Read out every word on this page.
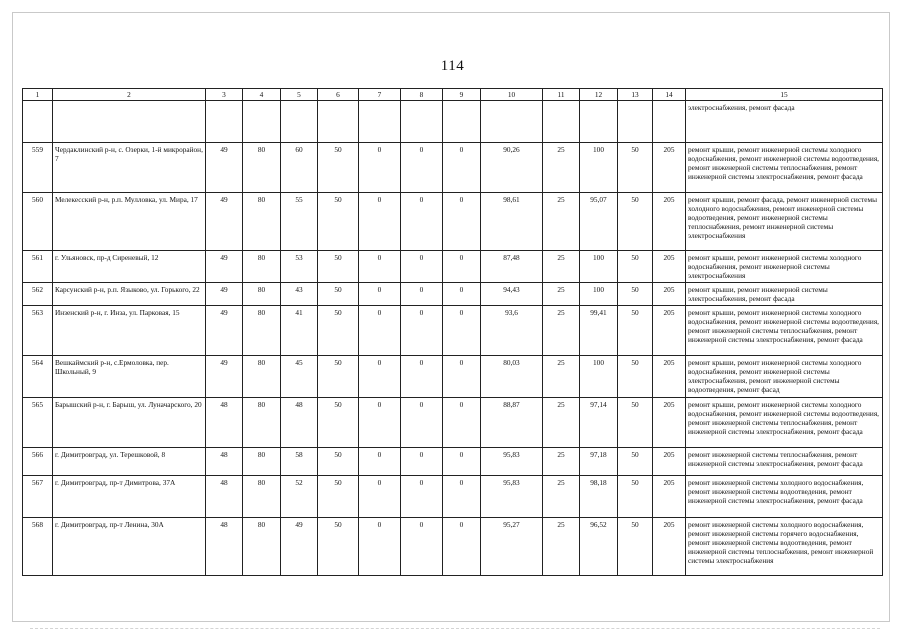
114
1	2	3	4	5	6	7	8	9	10	11	12	13	14	15
														электроснабжения, ремонт фасада
559	Чердаклинский р-н, с. Озерки, 1-й микрорайон, 7	49	80	60	50	0	0	0	90,26	25	100	50	205	ремонт крыши, ремонт инженерной системы холодного водоснабжения, ремонт инженерной системы водоотведения, ремонт инженерной системы теплоснабжения, ремонт инженерной системы электроснабжения, ремонт фасада
560	Мелекесский р-н, р.п. Мулловка, ул. Мира, 17	49	80	55	50	0	0	0	98,61	25	95,07	50	205	ремонт крыши, ремонт фасада, ремонт инженерной системы холодного водоснабжения, ремонт инженерной системы водоотведения, ремонт инженерной системы теплоснабжения, ремонт инженерной системы электроснабжения
561	г. Ульяновск, пр-д Сиреневый, 12	49	80	53	50	0	0	0	87,48	25	100	50	205	ремонт крыши, ремонт инженерной системы холодного водоснабжения, ремонт инженерной системы электроснабжения
562	Карсунский р-н, р.п. Языково, ул. Горького, 22	49	80	43	50	0	0	0	94,43	25	100	50	205	ремонт крыши, ремонт инженерной системы электроснабжения, ремонт фасада
563	Инзенский р-н, г. Инза, ул. Парковая, 15	49	80	41	50	0	0	0	93,6	25	99,41	50	205	ремонт крыши, ремонт инженерной системы холодного водоснабжения, ремонт инженерной системы водоотведения, ремонт инженерной системы теплоснабжения, ремонт инженерной системы электроснабжения, ремонт фасада
564	Вешкаймский р-н, с.Ермоловка, пер. Школьный, 9	49	80	45	50	0	0	0	80,03	25	100	50	205	ремонт крыши, ремонт инженерной системы холодного водоснабжения, ремонт инженерной системы электроснабжения, ремонт инженерной системы водоотведения, ремонт фасад
565	Барышский р-н, г. Барыш, ул. Луначарского, 20	48	80	48	50	0	0	0	88,87	25	97,14	50	205	ремонт крыши, ремонт инженерной системы холодного водоснабжения, ремонт инженерной системы водоотведения, ремонт инженерной системы теплоснабжения, ремонт инженерной системы электроснабжения, ремонт фасада
566	г. Димитровград, ул. Терешковой, 8	48	80	58	50	0	0	0	95,83	25	97,18	50	205	ремонт инженерной системы теплоснабжения, ремонт инженерной системы электроснабжения, ремонт фасада
567	г. Димитровград, пр-т Димитрова, 37А	48	80	52	50	0	0	0	95,83	25	98,18	50	205	ремонт инженерной системы холодного водоснабжения, ремонт инженерной системы водоотведения, ремонт инженерной системы электроснабжения, ремонт фасада
568	г. Димитровград, пр-т Ленина, 30А	48	80	49	50	0	0	0	95,27	25	96,52	50	205	ремонт инженерной системы холодного водоснабжения, ремонт инженерной системы горячего водоснабжения, ремонт инженерной системы водоотведения, ремонт инженерной системы теплоснабжения, ремонт инженерной системы электроснабжения
